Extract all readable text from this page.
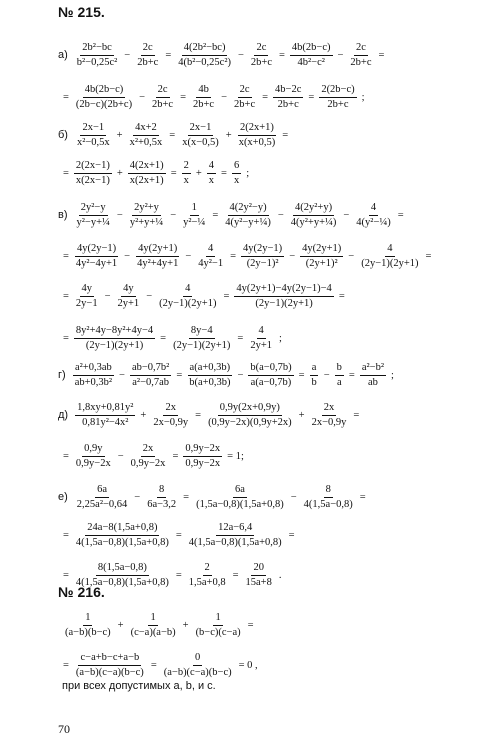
№ 215.
$а) \frac{\text{2b²−bc}}{\text{b²−0,25c²}} - \frac{2c}{2b+c} = \frac{\text{4(2b²−bc)}}{\text{4(b²−0,25c²)}} - \frac{2c}{2b+c} = \frac{4b(2b-c)}{\text{4b²−c²}} - \frac{2c}{2b+c}$ =
= $\frac{4b(2b-c)}{(2b-c)(2b+c)} - \frac{2c}{2b+c} = \frac{4b}{2b+c} - \frac{2c}{2b+c} = \frac{4b-2c}{2b+c} = \frac{2(2b-c)}{2b+c}$ ;
$б) \frac{2x-1}{\text{x²−0,5x}} + \frac{4x+2}{\text{x²+0,5x}} = \frac{2x-1}{x(x-0,5)} + \frac{2(2x+1)}{x(x+0,5)}$ =
= $\frac{2(2x-1)}{x(2x-1)} + \frac{4(2x+1)}{x(2x+1)} = \frac{2}{x} + \frac{4}{x} = \frac{6}{x}$ ;
$в) \frac{\text{2y²−y}}{\text{y²−y+¼}} - \frac{\text{2y²+y}}{\text{y²+y+¼}} - \frac{1}{\text{y²−¼}} = \frac{\text{4(2y²−y)}}{\text{4(y²−y+¼)}} - \frac{\text{4(2y²+y)}}{\text{4(y²+y+¼)}} - \frac{4}{\text{4(y²−¼)}}$ =
= $\frac{4y(2y-1)}{\text{4y²−4y+1}} - \frac{4y(2y+1)}{\text{4y²+4y+1}} - \frac{4}{\text{4y²−1}} = \frac{4y(2y-1)}{\text{(2y−1)²}} - \frac{4y(2y+1)}{\text{(2y+1)²}} - \frac{4}{(2y-1)(2y+1)}$ =
= $\frac{4y}{2y-1} - \frac{4y}{2y+1} - \frac{4}{(2y-1)(2y+1)} = \frac{4y(2y+1)-4y(2y-1)-4}{(2y-1)(2y+1)}$ =
= $\frac{\text{8y²+4y−8y²+4y−4}}{(2y-1)(2y+1)} = \frac{8y-4}{(2y-1)(2y+1)} = \frac{4}{2y+1}$ ;
$г) \frac{\text{a²+0,3ab}}{\text{ab+0,3b²}} - \frac{\text{ab−0,7b²}}{\text{a²−0,7ab}} = \frac{a(a+0,3b)}{b(a+0,3b)} - \frac{b(a-0,7b)}{a(a-0,7b)} = \frac{a}{b} - \frac{b}{a} = \frac{\text{a²−b²}}{ab}$ ;
$д) \frac{\text{1,8xy+0,81y²}}{\text{0,81y²−4x²}} + \frac{2x}{2x-0,9y} = \frac{0,9y(2x+0,9y)}{(0,9y-2x)(0,9y+2x)} + \frac{2x}{2x-0,9y}$ =
= $\frac{0,9y}{0,9y-2x} - \frac{2x}{0,9y-2x} = \frac{0,9y-2x}{0,9y-2x} = 1$;
$е) \frac{6a}{\text{2,25a²−0,64}} - \frac{8}{6a-3,2} = \frac{6a}{(1,5a-0,8)(1,5a+0,8)} - \frac{8}{4(1,5a-0,8)}$ =
= $\frac{24a-8(1,5a+0,8)}{4(1,5a-0,8)(1,5a+0,8)} = \frac{12a-6,4}{4(1,5a-0,8)(1,5a+0,8)}$ =
= $\frac{8(1,5a-0,8)}{4(1,5a-0,8)(1,5a+0,8)} = \frac{2}{1,5a+0,8} = \frac{20}{15a+8}$ .
№ 216.
$\frac{1}{(a-b)(b-c)} + \frac{1}{(c-a)(a-b)} + \frac{1}{(b-c)(c-a)}$ =
= $\frac{c-a+b-c+a-b}{(a-b)(c-a)(b-c)} = \frac{0}{(a-b)(c-a)(b-c)} = 0$ ,
при всех допустимых a, b, и c.
70
